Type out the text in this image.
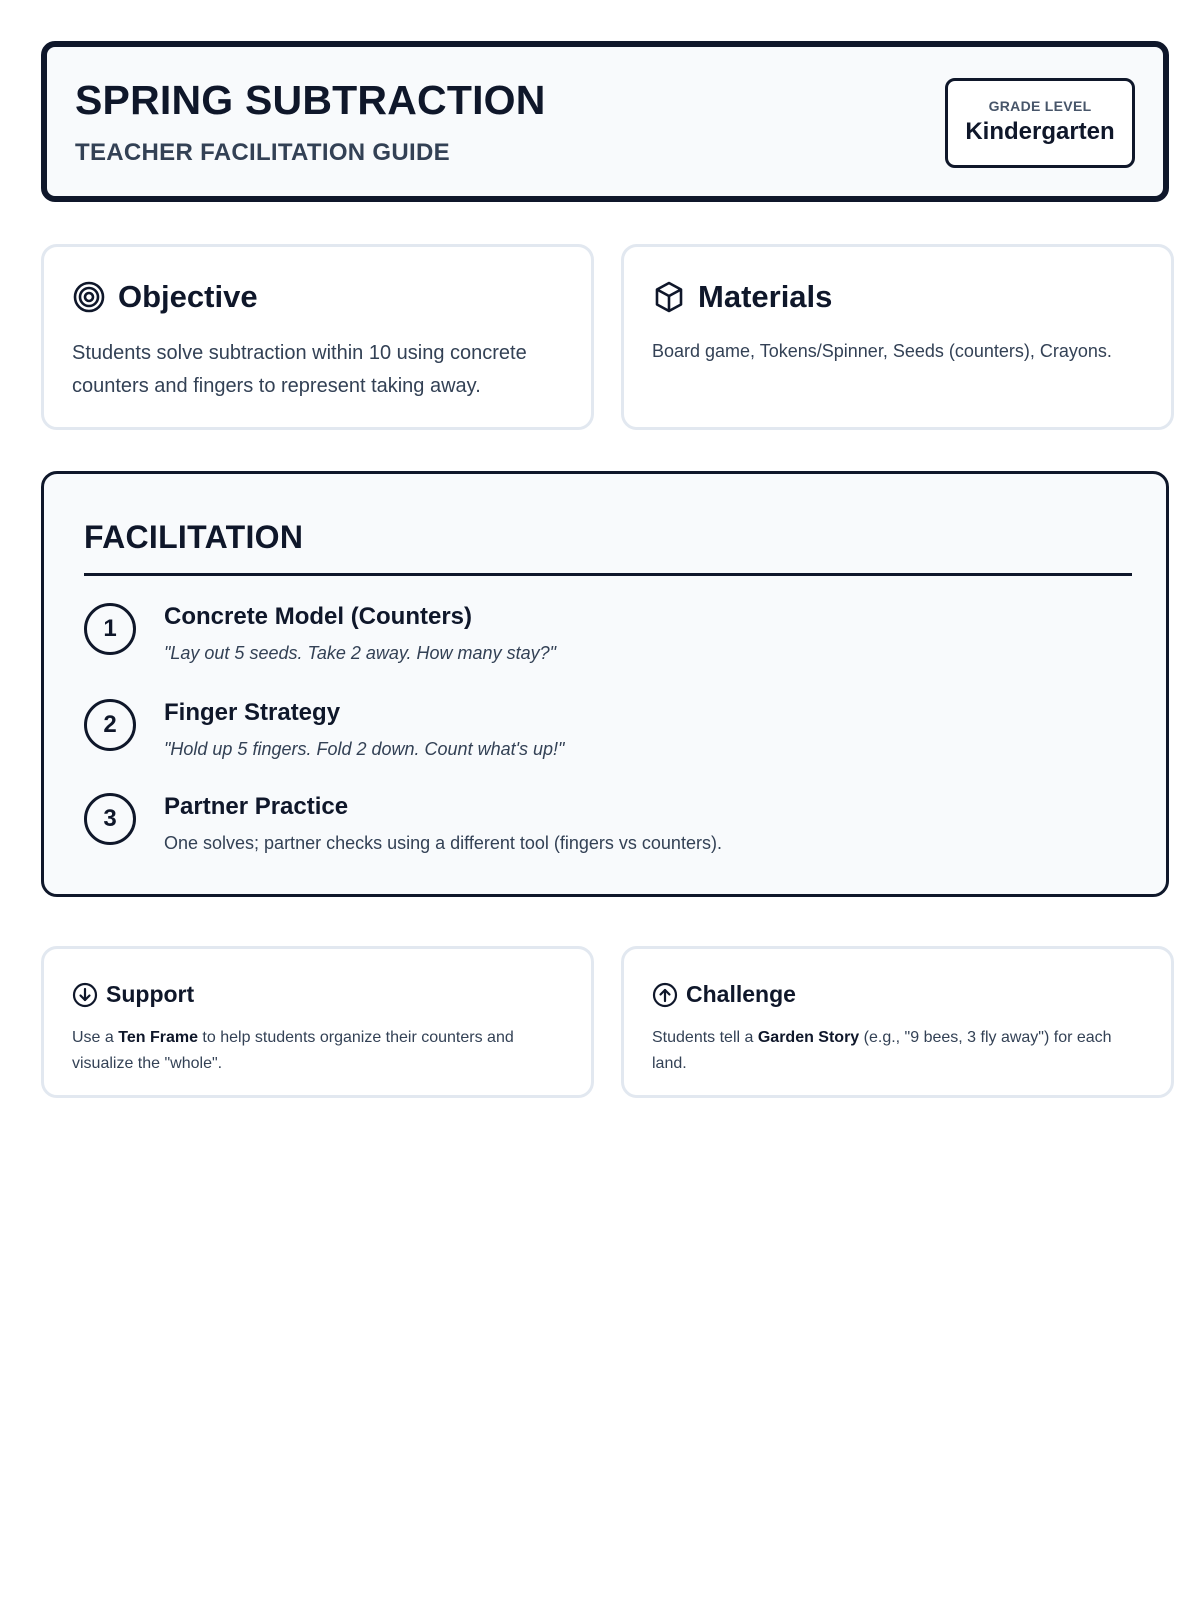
SPRING SUBTRACTION
TEACHER FACILITATION GUIDE
GRADE LEVEL
Kindergarten
Objective
Students solve subtraction within 10 using concrete counters and fingers to represent taking away.
Materials
Board game, Tokens/Spinner, Seeds (counters), Crayons.
FACILITATION
1	Concrete Model (Counters)
"Lay out 5 seeds. Take 2 away. How many stay?"
2	Finger Strategy
"Hold up 5 fingers. Fold 2 down. Count what's up!"
3	Partner Practice
One solves; partner checks using a different tool (fingers vs counters).
Support
Use a Ten Frame to help students organize their counters and visualize the "whole".
Challenge
Students tell a Garden Story (e.g., "9 bees, 3 fly away") for each land.
